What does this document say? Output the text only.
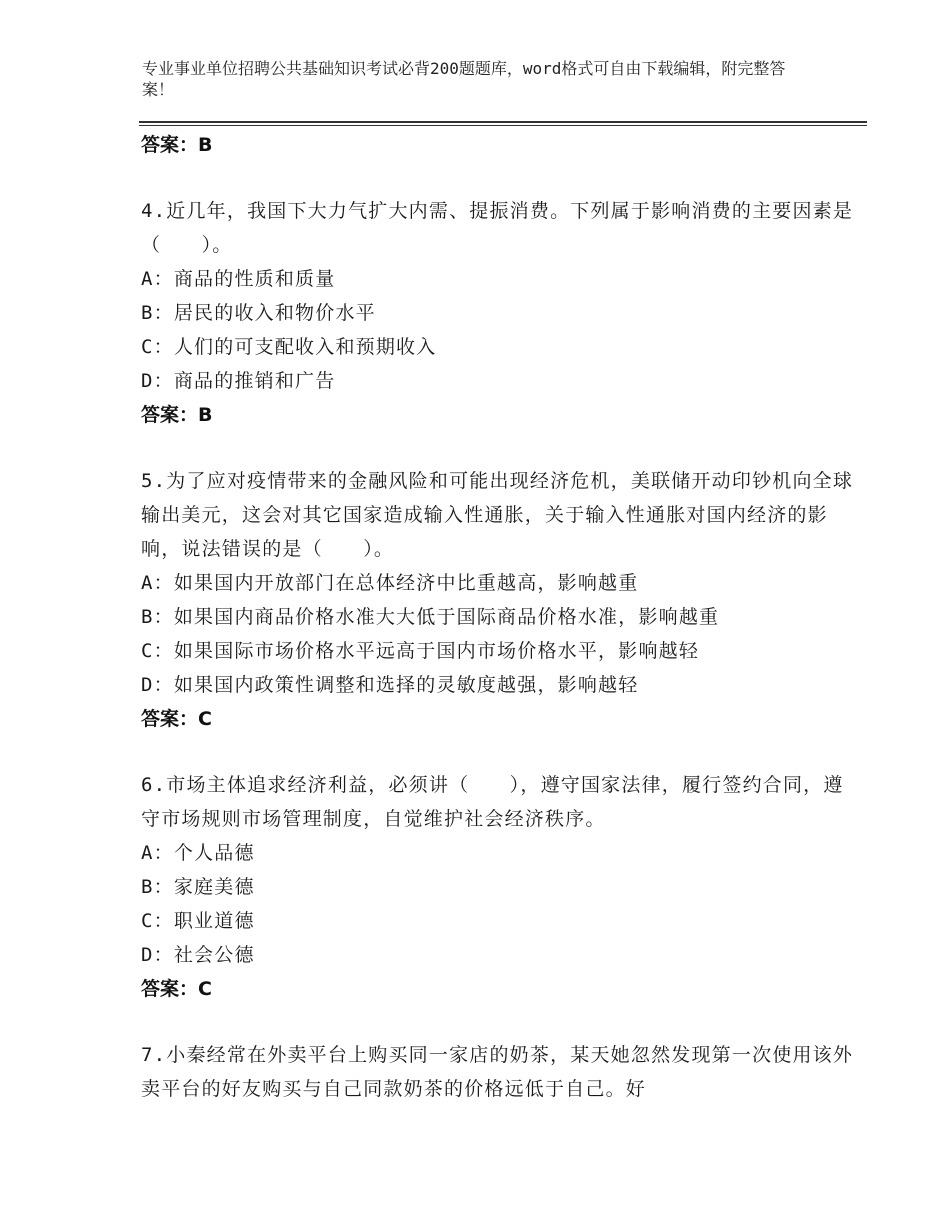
专业事业单位招聘公共基础知识考试必背200题题库，word格式可自由下载编辑，附完整答案！
答案：B
4.近几年，我国下大力气扩大内需、提振消费。下列属于影响消费的主要因素是（　　）。
A：商品的性质和质量
B：居民的收入和物价水平
C：人们的可支配收入和预期收入
D：商品的推销和广告
答案：B
5.为了应对疫情带来的金融风险和可能出现经济危机，美联储开动印钞机向全球输出美元，这会对其它国家造成输入性通胀，关于输入性通胀对国内经济的影响，说法错误的是（　　）。
A：如果国内开放部门在总体经济中比重越高，影响越重
B：如果国内商品价格水准大大低于国际商品价格水准，影响越重
C：如果国际市场价格水平远高于国内市场价格水平，影响越轻
D：如果国内政策性调整和选择的灵敏度越强，影响越轻
答案：C
6.市场主体追求经济利益，必须讲（　　），遵守国家法律，履行签约合同，遵守市场规则市场管理制度，自觉维护社会经济秩序。
A：个人品德
B：家庭美德
C：职业道德
D：社会公德
答案：C
7.小秦经常在外卖平台上购买同一家店的奶茶，某天她忽然发现第一次使用该外卖平台的好友购买与自己同款奶茶的价格远低于自己。好
